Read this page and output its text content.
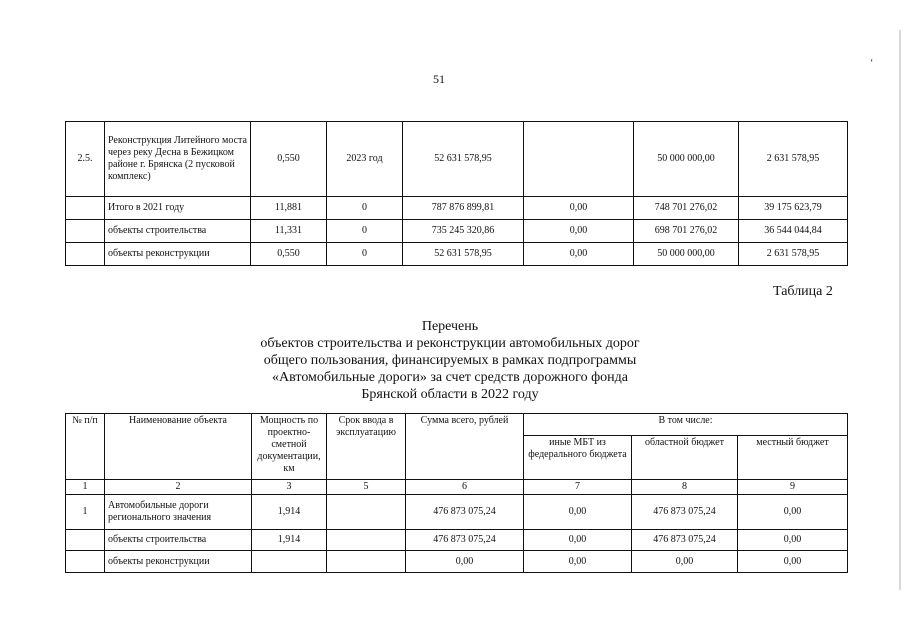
ʻ
51
2.5.	Реконструкция Литейного моста через реку Десна в Бежицком районе г. Брянска (2 пусковой комплекс)	0,550	2023 год	52 631 578,95		50 000 000,00	2 631 578,95
	Итого в 2021 году	11,881	0	787 876 899,81	0,00	748 701 276,02	39 175 623,79
	объекты строительства	11,331	0	735 245 320,86	0,00	698 701 276,02	36 544 044,84
	объекты реконструкции	0,550	0	52 631 578,95	0,00	50 000 000,00	2 631 578,95
Таблица 2
Перечень
объектов строительства и реконструкции автомобильных дорог
общего пользования, финансируемых в рамках подпрограммы
«Автомобильные дороги» за счет средств дорожного фонда
Брянской области в 2022 году
№ п/п	Наименование объекта	Мощность по проектно-сметной документации, км	Срок ввода в эксплуатацию	Сумма всего, рублей	В том числе:		
					иные МБТ из федерального бюджета	областной бюджет	местный бюджет
1	2	3	5	6	7	8	9
1	Автомобильные дороги регионального значения	1,914		476 873 075,24	0,00	476 873 075,24	0,00
	объекты строительства	1,914		476 873 075,24	0,00	476 873 075,24	0,00
	объекты реконструкции			0,00	0,00	0,00	0,00
